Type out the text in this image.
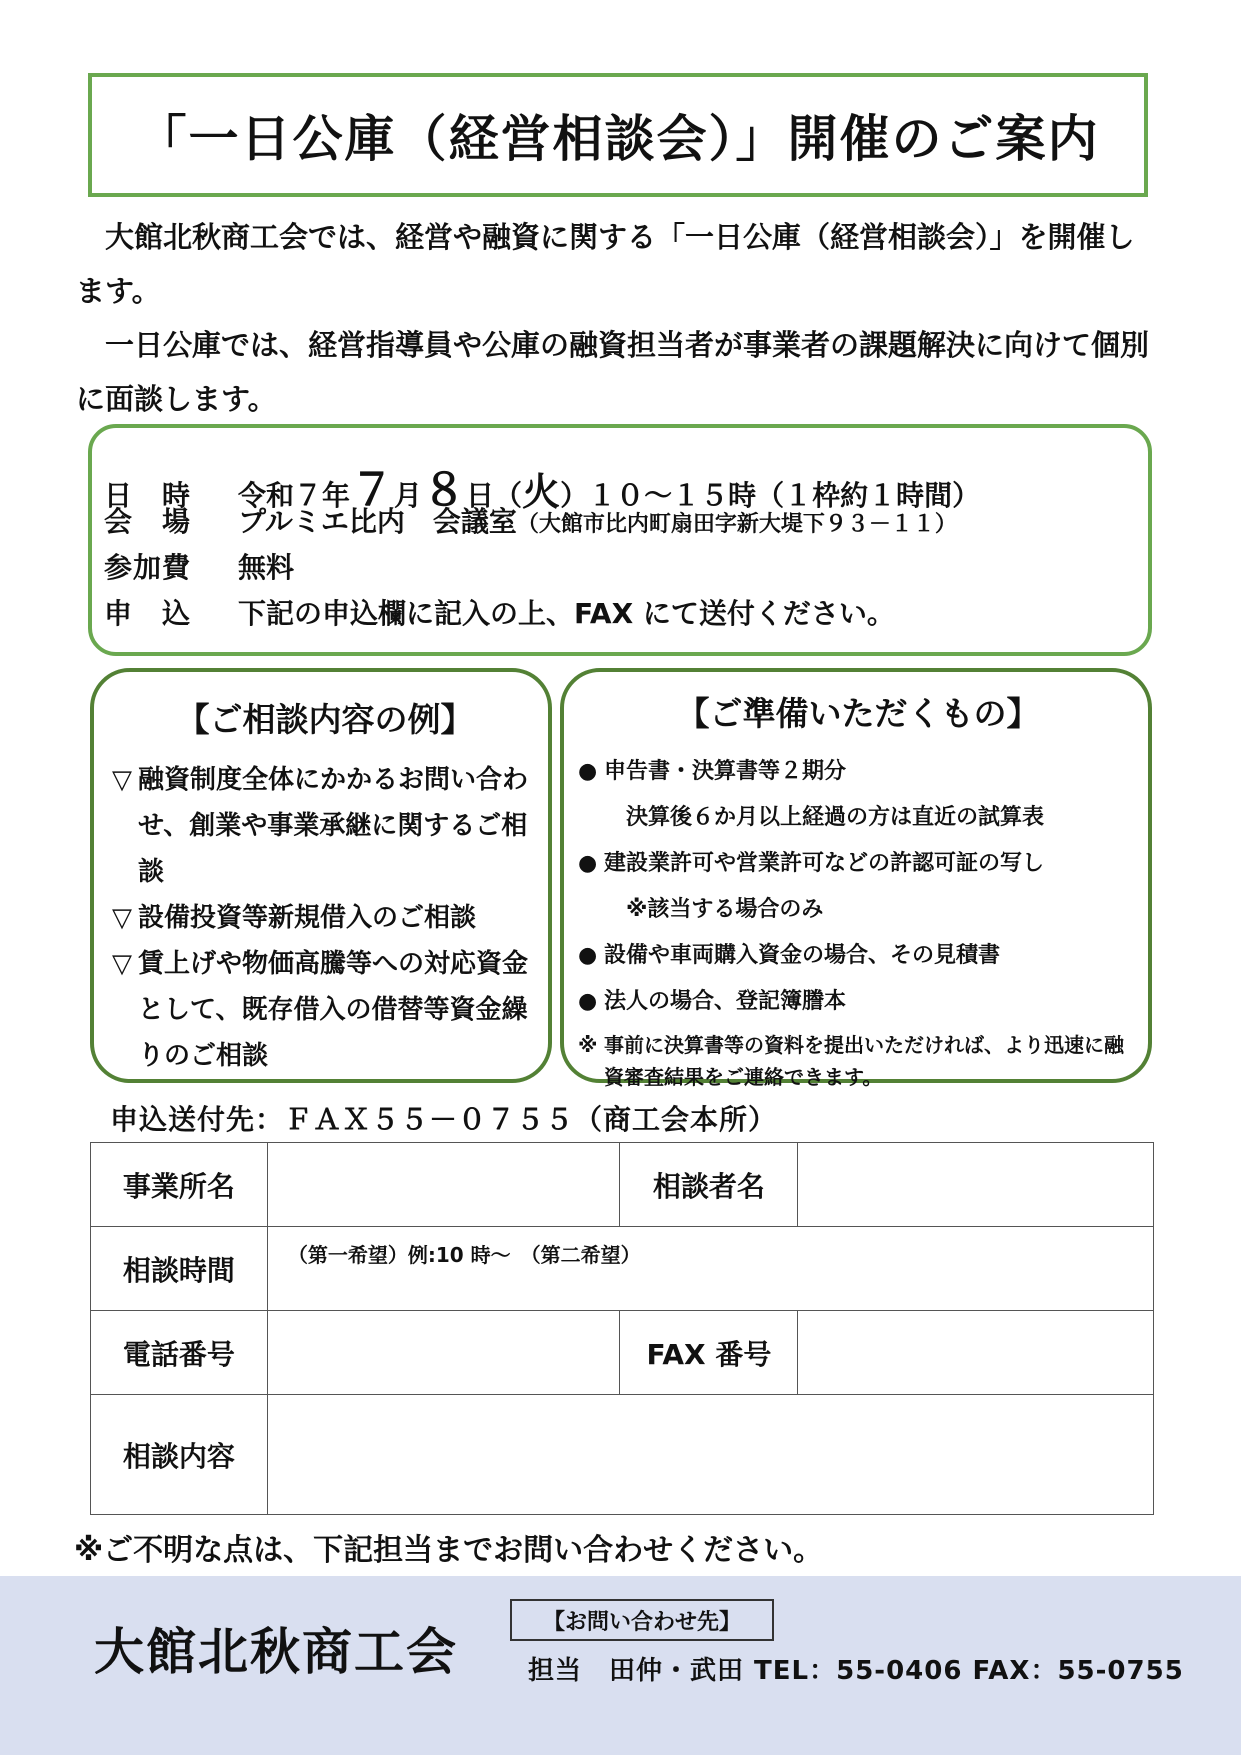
「一日公庫（経営相談会）」開催のご案内

　大館北秋商工会では、経営や融資に関する「一日公庫（経営相談会）」を開催します。

　一日公庫では、経営指導員や公庫の融資担当者が事業者の課題解決に向けて個別に面談します。

日　時	令和７年 ７ 月 ８ 日（ 火 ）１０～１５時（１枠約１時間）
会　場	プルミエ比内　会議室 （大館市比内町扇田字新大堤下９３－１１）
参加費	無料
申　込	下記の申込欄に記入の上、FAX にて送付ください。
【ご相談内容の例】
▽ 融資制度全体にかかるお問い合わせ、創業や事業承継に関するご相談
▽ 設備投資等新規借入のご相談
▽ 賃上げや物価高騰等への対応資金として、既存借入の借替等資金繰りのご相談
【ご準備いただくもの】
● 申告書・決算書等２期分
　決算後６か月以上経過の方は直近の試算表
● 建設業許可や営業許可などの許認可証の写し
　※該当する場合のみ
● 設備や車両購入資金の場合、その見積書
● 法人の場合、登記簿謄本
※ 事前に決算書等の資料を提出いただければ、より迅速に融資審査結果をご連絡できます。
申込送付先：ＦＡＸ５５－０７５５（商工会本所）
事業所名		相談者名	
相談時間	（第一希望）例:10 時～　（第二希望）		
電話番号		FAX 番号	
相談内容			
※ご不明な点は、下記担当までお問い合わせください。
大館北秋商工会
【お問い合わせ先】
担当　田仲・武田 TEL：55-0406 FAX：55-0755
